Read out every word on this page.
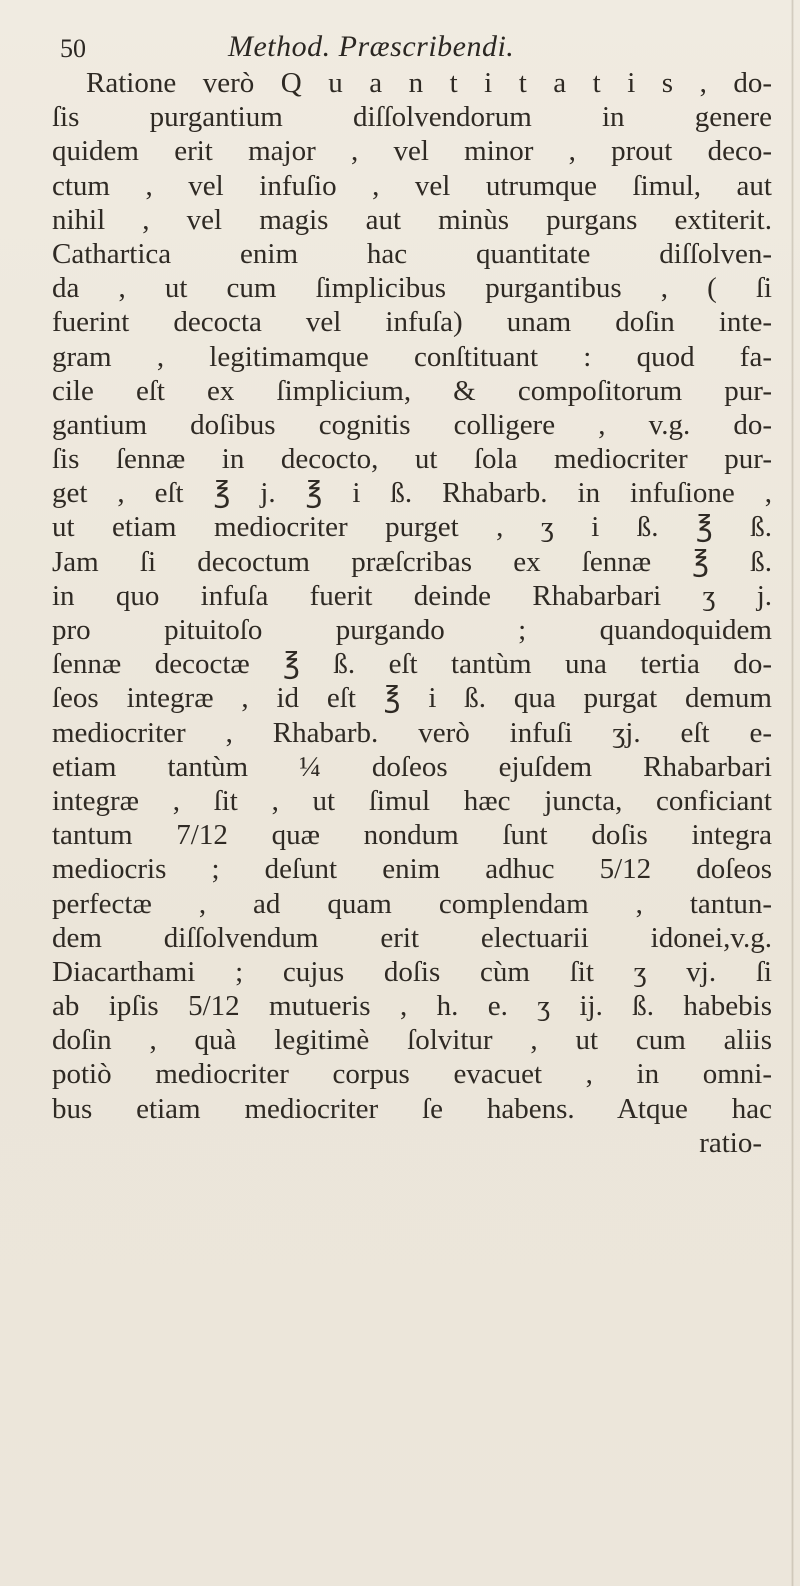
50	Method. Præscribendi.
Ratione verò Q u a n t i t a t i s , do-
ſis purgantium diſſolvendorum in genere
quidem erit major , vel minor , prout deco-
ctum , vel infuſio , vel utrumque ſimul, aut
nihil , vel magis aut minùs purgans extiterit.
Cathartica enim hac quantitate diſſolven-
da , ut cum ſimplicibus purgantibus , ( ſi
fuerint decocta vel infuſa) unam doſin inte-
gram , legitimamque conſtituant : quod fa-
cile eſt ex ſimplicium, & compoſitorum pur-
gantium doſibus cognitis colligere , v.g. do-
ſis ſennæ in decocto, ut ſola mediocriter pur-
get , eſt ℥ j. ℥ i ß. Rhabarb. in infuſione ,
ut etiam mediocriter purget , ʒ i ß. ℥ ß.
Jam ſi decoctum præſcribas ex ſennæ ℥ ß.
in quo infuſa fuerit deinde Rhabarbari ʒ j.
pro pituitoſo purgando ; quandoquidem
ſennæ decoctæ ℥ ß. eſt tantùm una tertia do-
ſeos integræ , id eſt ℥ i ß. qua purgat demum
mediocriter , Rhabarb. verò infuſi ʒj. eſt e-
etiam tantùm ¼ doſeos ejuſdem Rhabarbari
integræ , ſit , ut ſimul hæc juncta, conficiant
tantum 7/12 quæ nondum ſunt doſis integra
mediocris ; deſunt enim adhuc 5/12 doſeos
perfectæ , ad quam complendam , tantun-
dem diſſolvendum erit electuarii idonei,v.g.
Diacarthami ; cujus doſis cùm ſit ʒ vj. ſi
ab ipſis 5/12 mutueris , h. e. ʒ ij. ß. habebis
doſin , quà legitimè ſolvitur , ut cum aliis
potiò mediocriter corpus evacuet , in omni-
bus etiam mediocriter ſe habens. Atque hac
ratio-
